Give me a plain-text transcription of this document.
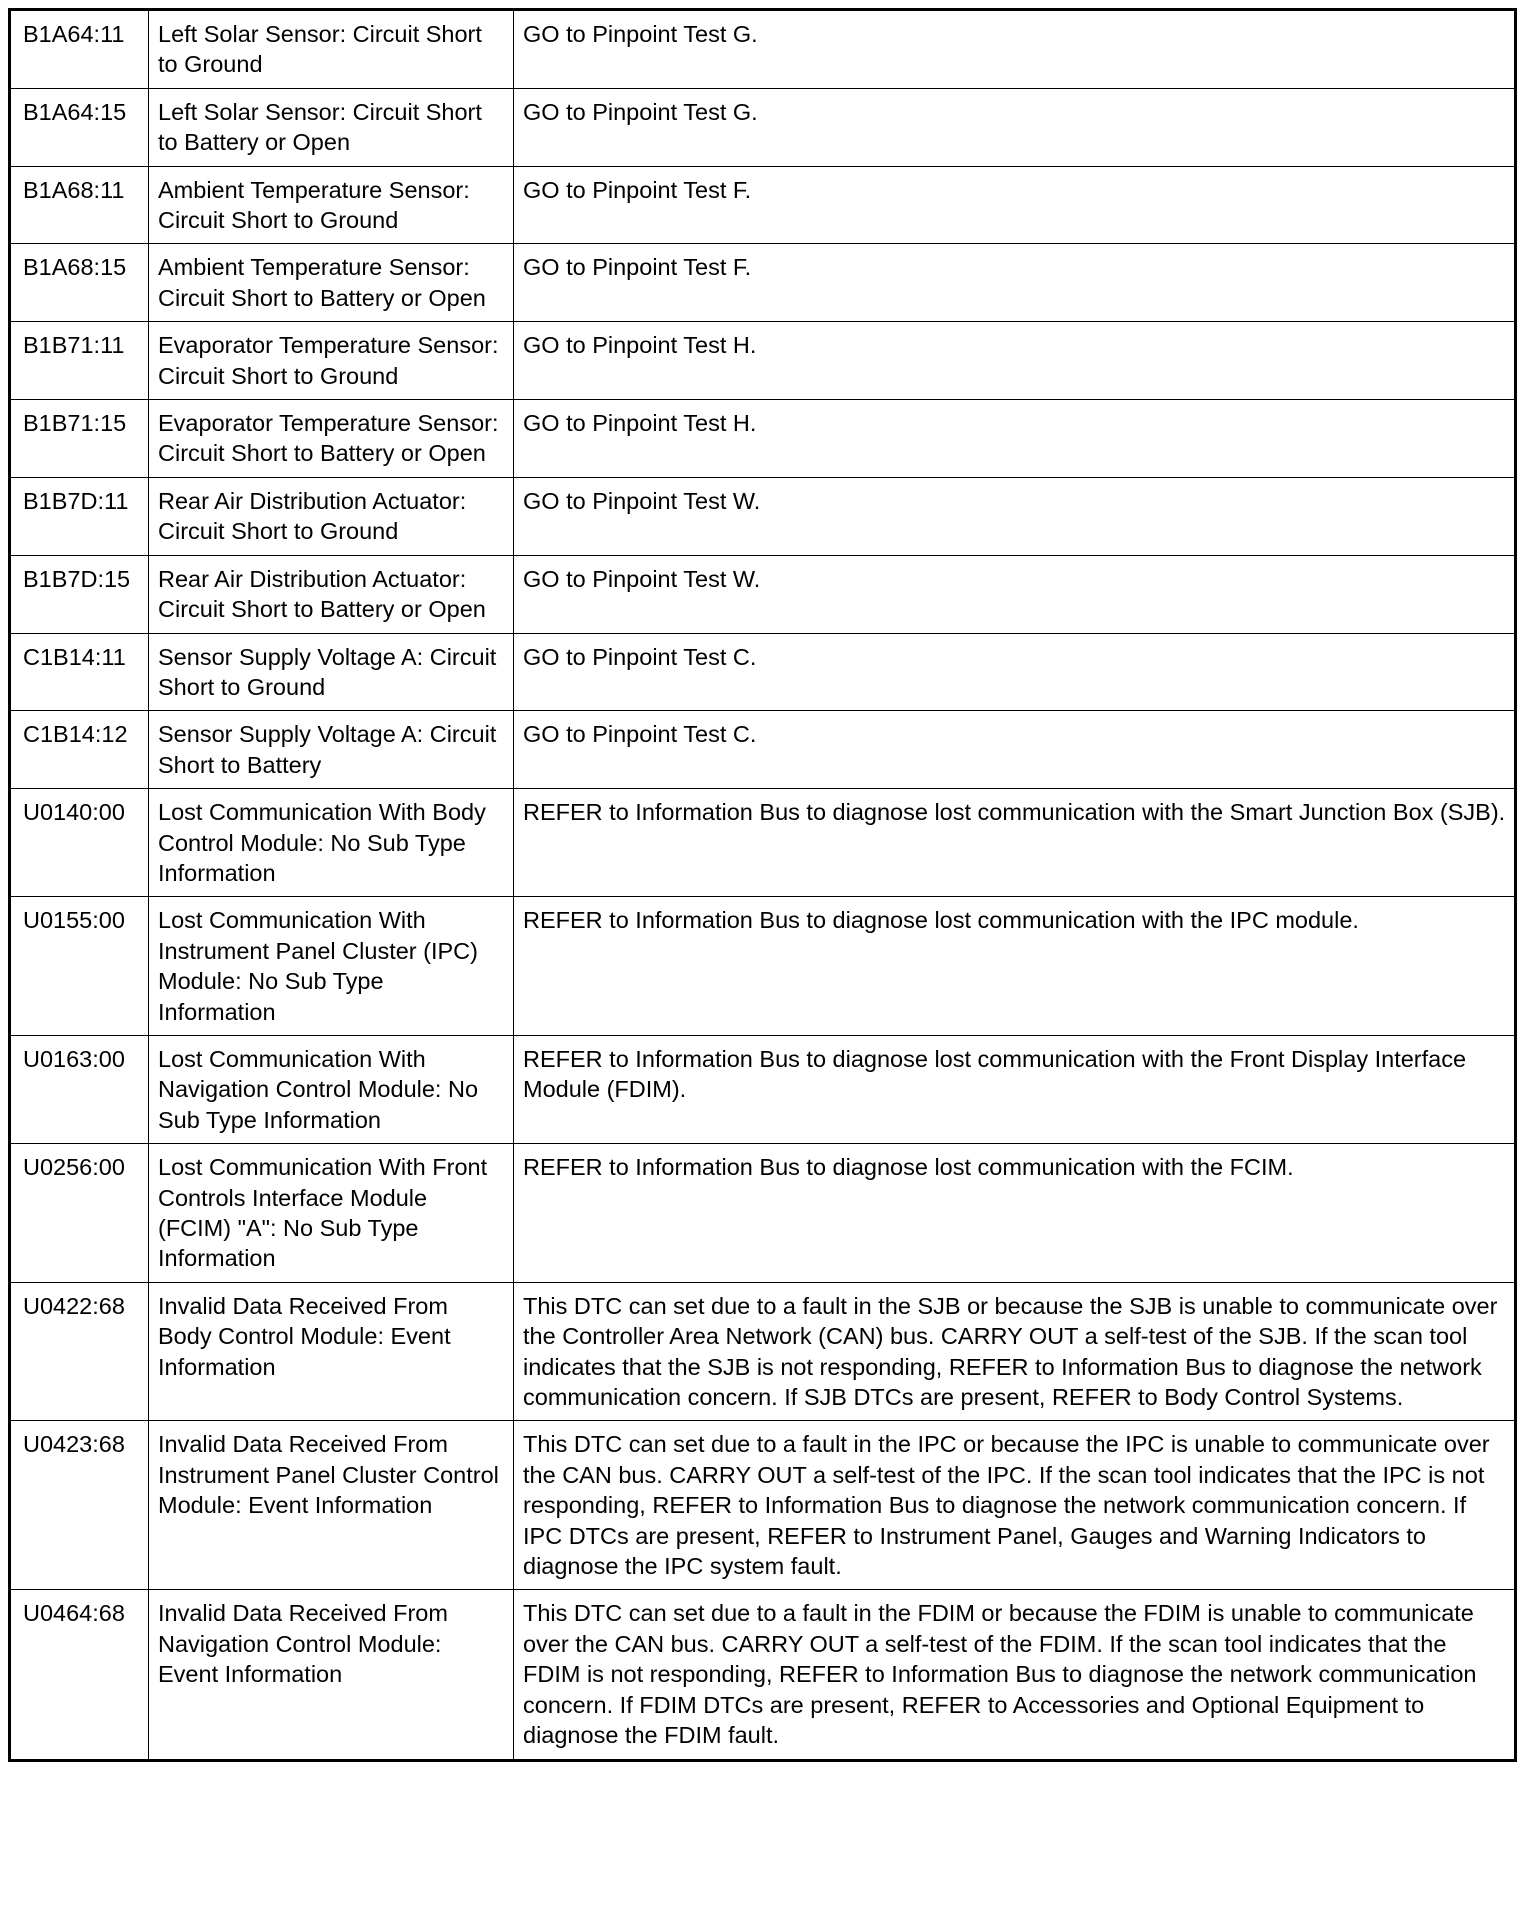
B1A64:11	Left Solar Sensor: Circuit Short to Ground	GO to Pinpoint Test G.
B1A64:15	Left Solar Sensor: Circuit Short to Battery or Open	GO to Pinpoint Test G.
B1A68:11	Ambient Temperature Sensor: Circuit Short to Ground	GO to Pinpoint Test F.
B1A68:15	Ambient Temperature Sensor: Circuit Short to Battery or Open	GO to Pinpoint Test F.
B1B71:11	Evaporator Temperature Sensor: Circuit Short to Ground	GO to Pinpoint Test H.
B1B71:15	Evaporator Temperature Sensor: Circuit Short to Battery or Open	GO to Pinpoint Test H.
B1B7D:11	Rear Air Distribution Actuator: Circuit Short to Ground	GO to Pinpoint Test W.
B1B7D:15	Rear Air Distribution Actuator: Circuit Short to Battery or Open	GO to Pinpoint Test W.
C1B14:11	Sensor Supply Voltage A: Circuit Short to Ground	GO to Pinpoint Test C.
C1B14:12	Sensor Supply Voltage A: Circuit Short to Battery	GO to Pinpoint Test C.
U0140:00	Lost Communication With Body Control Module: No Sub Type Information	REFER to Information Bus to diagnose lost communication with the Smart Junction Box (SJB).
U0155:00	Lost Communication With Instrument Panel Cluster (IPC) Module: No Sub Type Information	REFER to Information Bus to diagnose lost communication with the IPC module.
U0163:00	Lost Communication With Navigation Control Module: No Sub Type Information	REFER to Information Bus to diagnose lost communication with the Front Display Interface Module (FDIM).
U0256:00	Lost Communication With Front Controls Interface Module (FCIM) "A": No Sub Type Information	REFER to Information Bus to diagnose lost communication with the FCIM.
U0422:68	Invalid Data Received From Body Control Module: Event Information	This DTC can set due to a fault in the SJB or because the SJB is unable to communicate over the Controller Area Network (CAN) bus. CARRY OUT a self-test of the SJB. If the scan tool indicates that the SJB is not responding, REFER to Information Bus to diagnose the network communication concern. If SJB DTCs are present, REFER to Body Control Systems.
U0423:68	Invalid Data Received From Instrument Panel Cluster Control Module: Event Information	This DTC can set due to a fault in the IPC or because the IPC is unable to communicate over the CAN bus. CARRY OUT a self-test of the IPC. If the scan tool indicates that the IPC is not responding, REFER to Information Bus to diagnose the network communication concern. If IPC DTCs are present, REFER to Instrument Panel, Gauges and Warning Indicators to diagnose the IPC system fault.
U0464:68	Invalid Data Received From Navigation Control Module: Event Information	This DTC can set due to a fault in the FDIM or because the FDIM is unable to communicate over the CAN bus. CARRY OUT a self-test of the FDIM. If the scan tool indicates that the FDIM is not responding, REFER to Information Bus to diagnose the network communication concern. If FDIM DTCs are present, REFER to Accessories and Optional Equipment to diagnose the FDIM fault.
